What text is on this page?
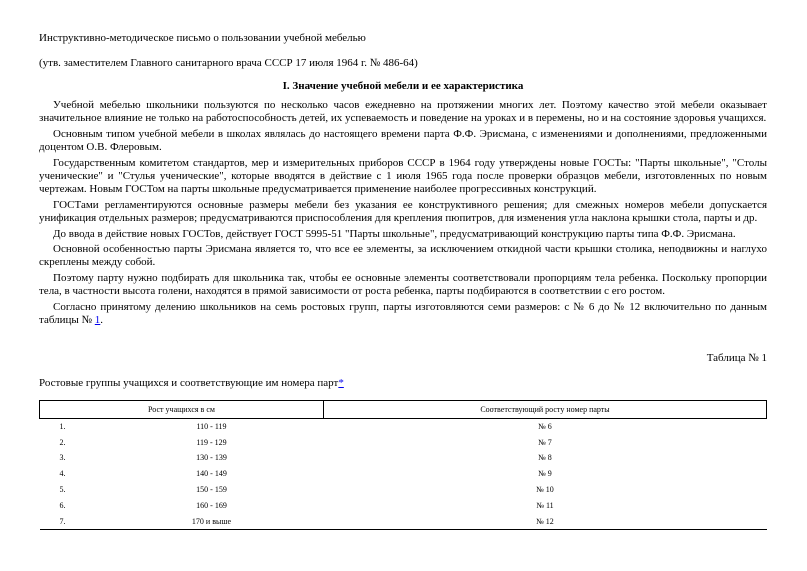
Инструктивно-методическое письмо о пользовании учебной мебелью

(утв. заместителем Главного санитарного врача СССР 17 июля 1964 г. № 486-64)

I. Значение учебной мебели и ее характеристика

Учебной мебелью школьники пользуются по несколько часов ежедневно на протяжении многих лет. Поэтому качество этой мебели оказывает значительное влияние не только на работоспособность детей, их успеваемость и поведение на уроках и в перемены, но и на состояние здоровья учащихся.

Основным типом учебной мебели в школах являлась до настоящего времени парта Ф.Ф. Эрисмана, с изменениями и дополнениями, предложенными доцентом О.В. Флеровым.

Государственным комитетом стандартов, мер и измерительных приборов СССР в 1964 году утверждены новые ГОСТы: "Парты школьные", "Столы ученические" и "Стулья ученические", которые вводятся в действие с 1 июля 1965 года после проверки образцов мебели, изготовленных по новым чертежам. Новым ГОСТом на парты школьные предусматривается применение наиболее прогрессивных конструкций.

ГОСТами регламентируются основные размеры мебели без указания ее конструктивного решения; для смежных номеров мебели допускается унификация отдельных размеров; предусматриваются приспособления для крепления пюпитров, для изменения угла наклона крышки стола, парты и др.

До ввода в действие новых ГОСТов, действует ГОСТ 5995-51 "Парты школьные", предусматривающий конструкцию парты типа Ф.Ф. Эрисмана.

Основной особенностью парты Эрисмана является то, что все ее элементы, за исключением откидной части крышки столика, неподвижны и наглухо скреплены между собой.

Поэтому парту нужно подбирать для школьника так, чтобы ее основные элементы соответствовали пропорциям тела ребенка. Поскольку пропорции тела, в частности высота голени, находятся в прямой зависимости от роста ребенка, парты подбираются в соответствии с его ростом.

Согласно принятому делению школьников на семь ростовых групп, парты изготовляются семи размеров: с № 6 до № 12 включительно по данным таблицы № 1.

Таблица № 1

Ростовые группы учащихся и соответствующие им номера парт*

Рост учащихся в см		Соответствующий росту номер парты
1.	110 - 119	№ 6
2.	119 - 129	№ 7
3.	130 - 139	№ 8
4.	140 - 149	№ 9
5.	150 - 159	№ 10
6.	160 - 169	№ 11
7.	170 и выше	№ 12
